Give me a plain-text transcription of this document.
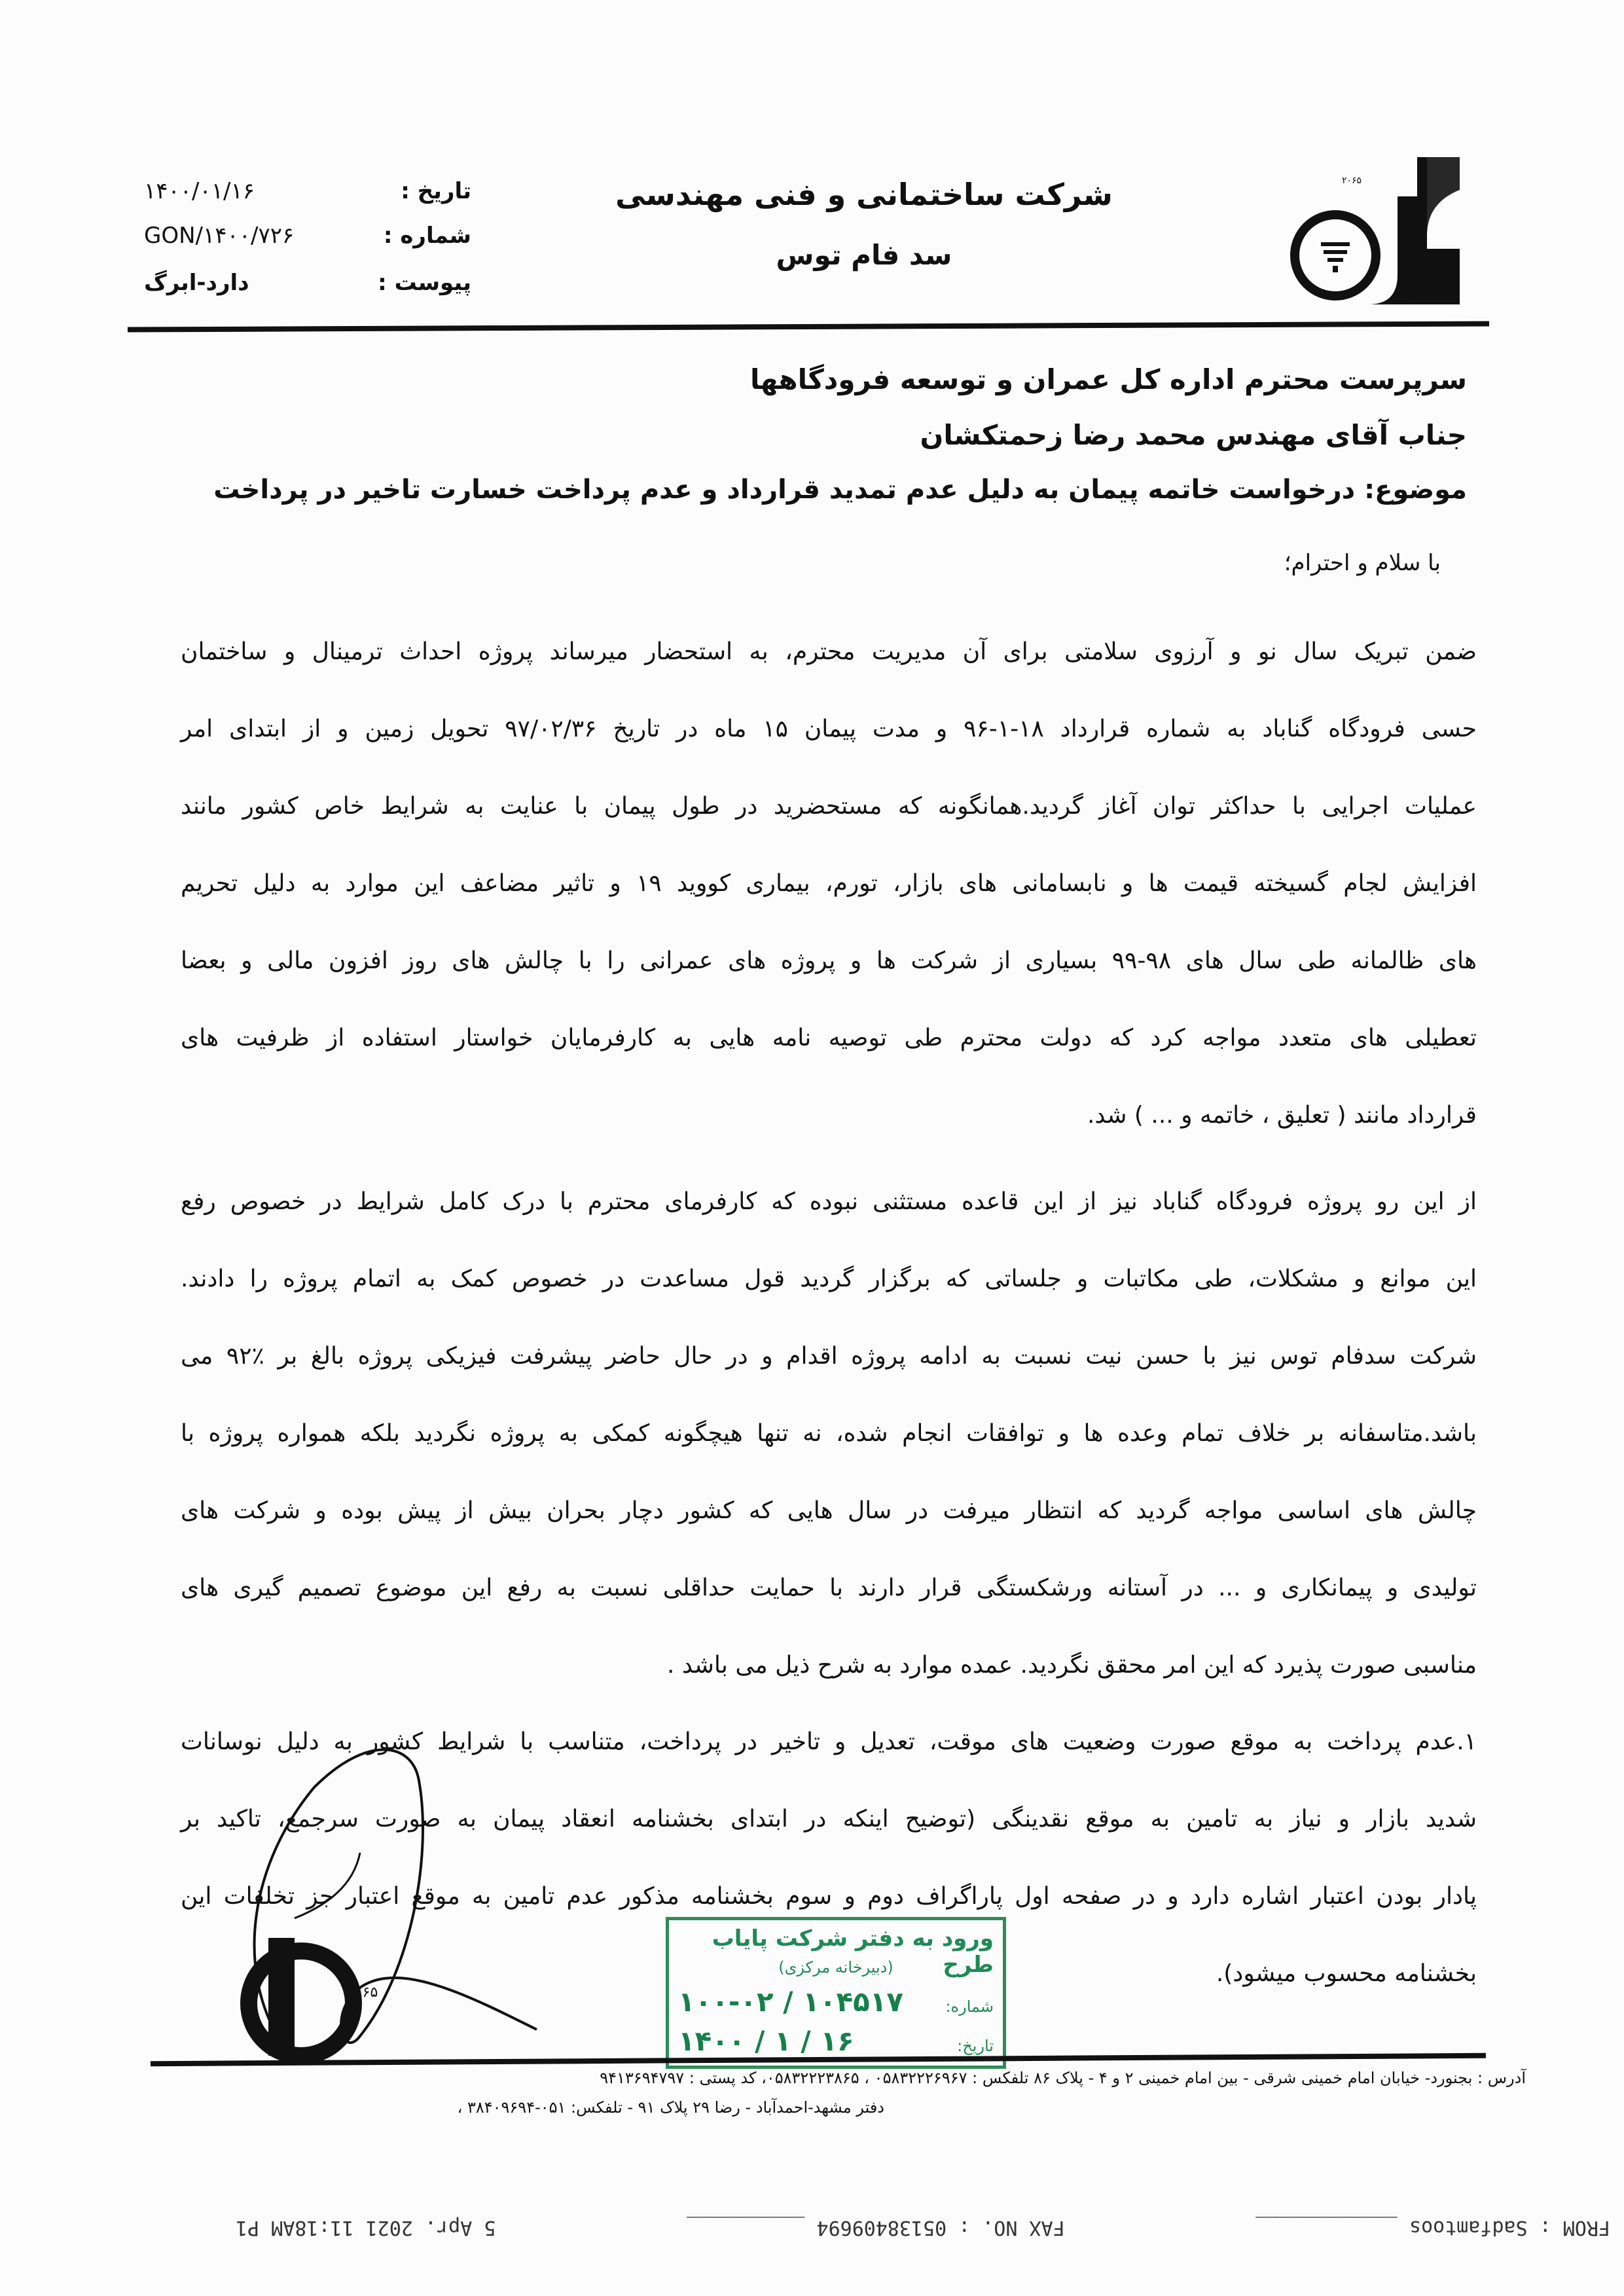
۲۰۶۵
شرکت ساختمانی و فنی مهندسی
سد فام توس
تاریخ :
۱۴۰۰/۰۱/۱۶
شماره :
GON/۱۴۰۰/۷۲۶
پیوست :
دارد-ابرگ
سرپرست محترم اداره کل عمران و توسعه فرودگاهها
جناب آقای مهندس محمد رضا زحمتکشان
موضوع: درخواست خاتمه پیمان به دلیل عدم تمدید قرارداد و عدم پرداخت خسارت تاخیر در پرداخت
با سلام و احترام؛
ضمن تبریک سال نو و آرزوی سلامتی برای آن مدیریت محترم، به استحضار میرساند پروژه احداث ترمینال و ساختمان
حسی فرودگاه گناباد به شماره قرارداد ۱۸-۱-۹۶ و مدت پیمان ۱۵ ماه در تاریخ ۹۷/۰۲/۳۶ تحویل زمین و از ابتدای امر
عملیات اجرایی با حداکثر توان آغاز گردید.همانگونه که مستحضرید در طول پیمان با عنایت به شرایط خاص کشور مانند
افزایش لجام گسیخته قیمت ها و نابسامانی های بازار، تورم، بیماری کووید ۱۹ و تاثیر مضاعف این موارد به دلیل تحریم
های ظالمانه طی سال های ۹۸-۹۹ بسیاری از شرکت ها و پروژه های عمرانی را با چالش های روز افزون مالی و بعضا
تعطیلی های متعدد مواجه کرد که دولت محترم طی توصیه نامه هایی به کارفرمایان خواستار استفاده از ظرفیت های
قرارداد مانند ( تعلیق ، خاتمه و ... ) شد.
از این رو پروژه فرودگاه گناباد نیز از این قاعده مستثنی نبوده که کارفرمای محترم با درک کامل شرایط در خصوص رفع
این موانع و مشکلات، طی مکاتبات و جلساتی که برگزار گردید قول مساعدت در خصوص کمک به اتمام پروژه را دادند.
شرکت سدفام توس نیز با حسن نیت نسبت به ادامه پروژه اقدام و در حال حاضر پیشرفت فیزیکی پروژه بالغ بر ٪۹۲ می
باشد.متاسفانه بر خلاف تمام وعده ها و توافقات انجام شده، نه تنها هیچگونه کمکی به پروژه نگردید بلکه همواره پروژه با
چالش های اساسی مواجه گردید که انتظار میرفت در سال هایی که کشور دچار بحران بیش از پیش بوده و شرکت های
تولیدی و پیمانکاری و ... در آستانه ورشکستگی قرار دارند با حمایت حداقلی نسبت به رفع این موضوع تصمیم گیری های
مناسبی صورت پذیرد که این امر محقق نگردید. عمده موارد به شرح ذیل می باشد .
۱.عدم پرداخت به موقع صورت وضعیت های موقت، تعدیل و تاخیر در پرداخت، متناسب با شرایط کشور به دلیل نوسانات
شدید بازار و نیاز به تامین به موقع نقدینگی (توضیح اینکه در ابتدای بخشنامه انعقاد پیمان به صورت سرجمع، تاکید بر
پادار بودن اعتبار اشاره دارد و در صفحه اول پاراگراف دوم و سوم بخشنامه مذکور عدم تامین به موقع اعتبار جز تخلفات این
بخشنامه محسوب میشود).
۲۰۶۵
ورود به دفتر شرکت پایاب طرح
(دبیرخانه مرکزی)
شماره:
۱۰۰-۰۲ / ۱۰۴۵۱۷
تاریخ:
۱۴۰۰ / ۱ / ۱۶
آدرس : بجنورد- خیابان امام خمینی شرقی - بین امام خمینی ۲ و ۴ - پلاک ۸۶ تلفکس : ۰۵۸۳۲۲۲۶۹۶۷ ، ۰۵۸۳۲۲۲۳۸۶۵، کد پستی : ۹۴۱۳۶۹۴۷۹۷
دفتر مشهد-احمدآباد - رضا ۲۹ پلاک ۹۱ - تلفکس: ۰۵۱-۳۸۴۰۹۶۹۴ ،
FROM : Sadfamtoos ____________
FAX NO. : 05138409694 __________
5 Apr. 2021 11:18AM P1
